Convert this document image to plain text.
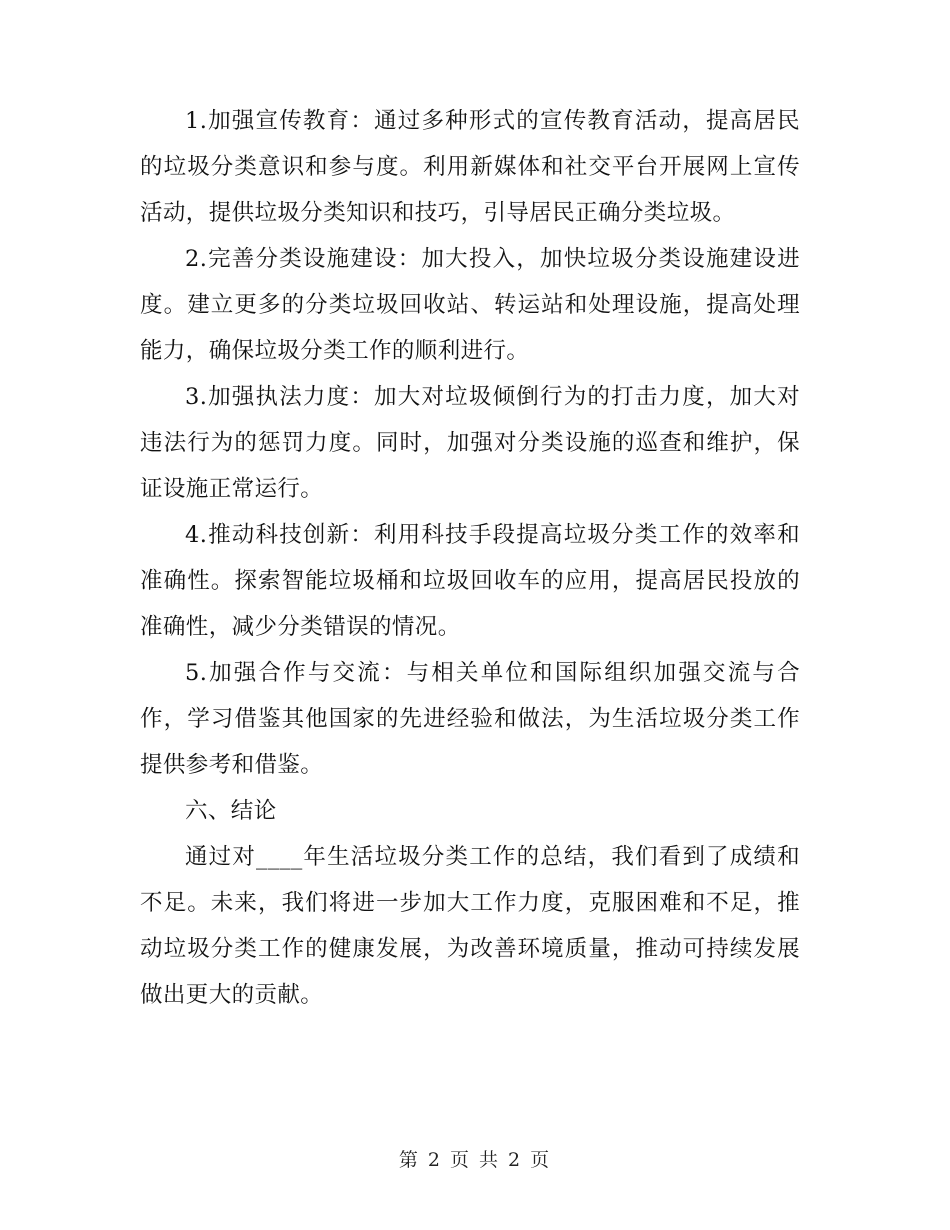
1.加强宣传教育：通过多种形式的宣传教育活动，提高居民的垃圾分类意识和参与度。利用新媒体和社交平台开展网上宣传活动，提供垃圾分类知识和技巧，引导居民正确分类垃圾。

2.完善分类设施建设：加大投入，加快垃圾分类设施建设进度。建立更多的分类垃圾回收站、转运站和处理设施，提高处理能力，确保垃圾分类工作的顺利进行。

3.加强执法力度：加大对垃圾倾倒行为的打击力度，加大对违法行为的惩罚力度。同时，加强对分类设施的巡查和维护，保证设施正常运行。

4.推动科技创新：利用科技手段提高垃圾分类工作的效率和准确性。探索智能垃圾桶和垃圾回收车的应用，提高居民投放的准确性，减少分类错误的情况。

5.加强合作与交流：与相关单位和国际组织加强交流与合作，学习借鉴其他国家的先进经验和做法，为生活垃圾分类工作提供参考和借鉴。

六、结论

通过对____年生活垃圾分类工作的总结，我们看到了成绩和不足。未来，我们将进一步加大工作力度，克服困难和不足，推动垃圾分类工作的健康发展，为改善环境质量，推动可持续发展做出更大的贡献。

第 2 页 共 2 页
